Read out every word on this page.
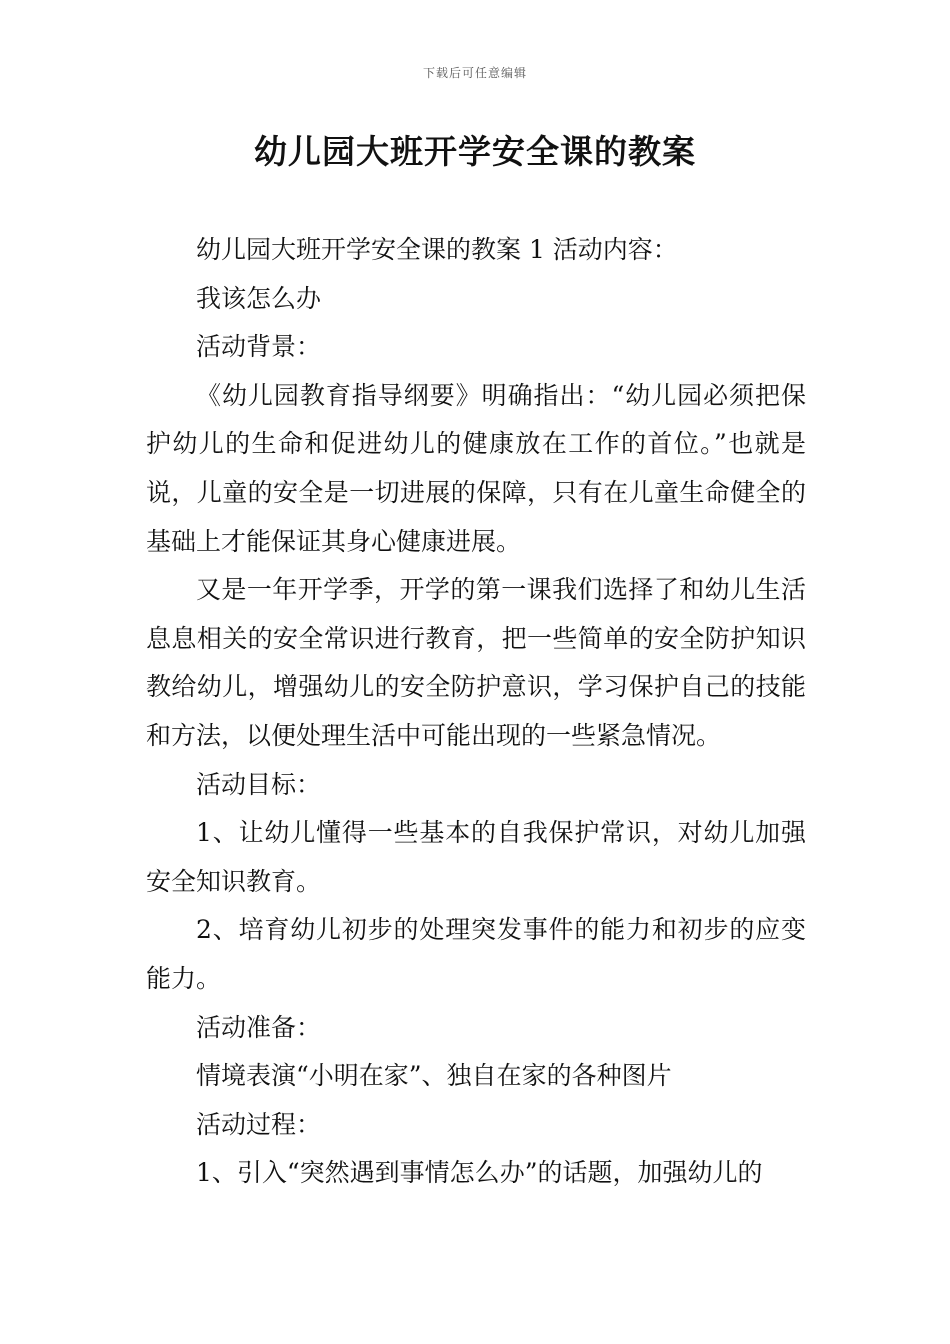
下载后可任意编辑
幼儿园大班开学安全课的教案

幼儿园大班开学安全课的教案 1 活动内容：

我该怎么办

活动背景：

《幼儿园教育指导纲要》明确指出：“幼儿园必须把保护幼儿的生命和促进幼儿的健康放在工作的首位。”也就是说，儿童的安全是一切进展的保障，只有在儿童生命健全的基础上才能保证其身心健康进展。

又是一年开学季，开学的第一课我们选择了和幼儿生活息息相关的安全常识进行教育，把一些简单的安全防护知识教给幼儿，增强幼儿的安全防护意识，学习保护自己的技能和方法，以便处理生活中可能出现的一些紧急情况。

活动目标：

1、让幼儿懂得一些基本的自我保护常识，对幼儿加强安全知识教育。

2、培育幼儿初步的处理突发事件的能力和初步的应变能力。

活动准备：

情境表演“小明在家”、独自在家的各种图片

活动过程：

1、引入“突然遇到事情怎么办”的话题，加强幼儿的
